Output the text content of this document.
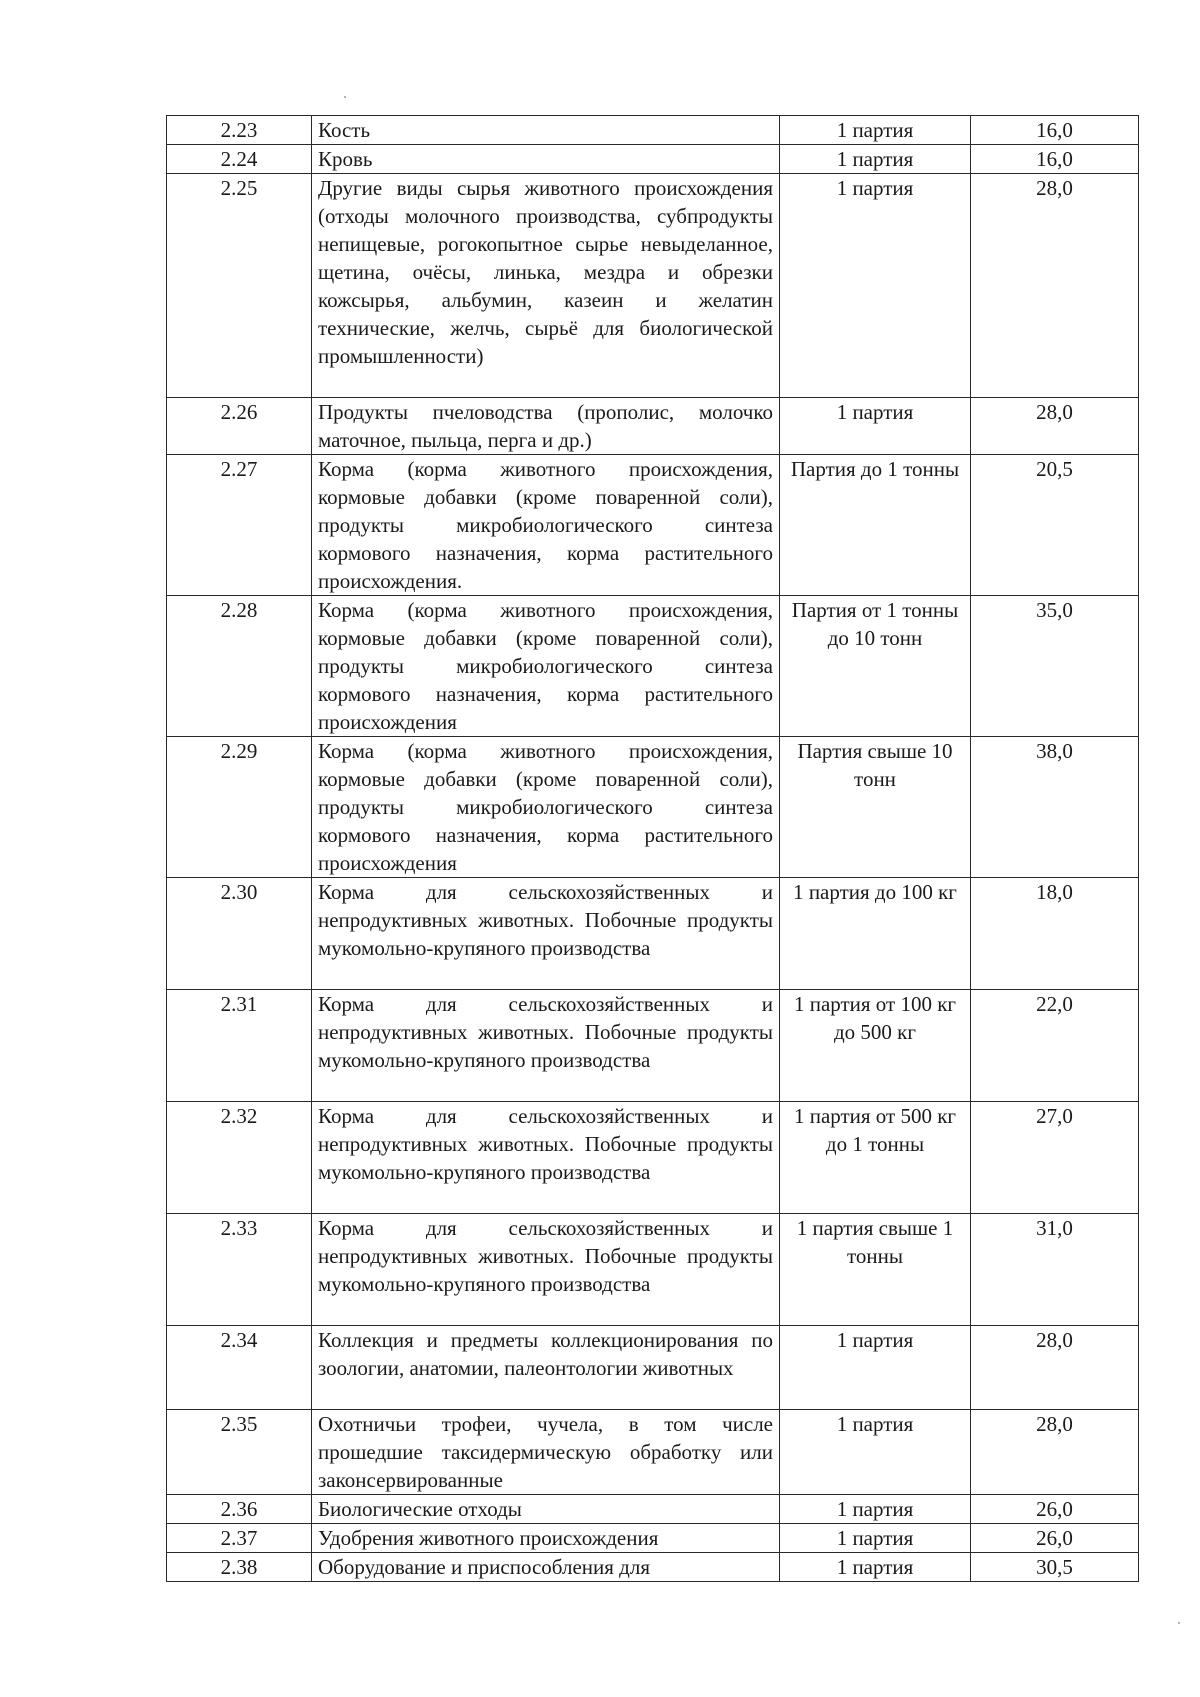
2.23	Кость	1 партия	16,0
2.24	Кровь	1 партия	16,0
2.25	Другие виды сырья животного происхождения (отходы молочного производства, субпродукты непищевые, рогокопытное сырье невыделанное, щетина, очёсы, линька, мездра и обрезки кожсырья, альбумин, казеин и желатин технические, желчь, сырьё для биологической промышленности)	1 партия	28,0
2.26	Продукты пчеловодства (прополис, молочко маточное, пыльца, перга и др.)	1 партия	28,0
2.27	Корма (корма животного происхождения, кормовые добавки (кроме поваренной соли), продукты микробиологического синтеза кормового назначения, корма растительного происхождения.	Партия до 1 тонны	20,5
2.28	Корма (корма животного происхождения, кормовые добавки (кроме поваренной соли), продукты микробиологического синтеза кормового назначения, корма растительного происхождения	Партия от 1 тонны до 10 тонн	35,0
2.29	Корма (корма животного происхождения, кормовые добавки (кроме поваренной соли), продукты микробиологического синтеза кормового назначения, корма растительного происхождения	Партия свыше 10 тонн	38,0
2.30	Корма для сельскохозяйственных и непродуктивных животных. Побочные продукты мукомольно-крупяного производства	1 партия до 100 кг	18,0
2.31	Корма для сельскохозяйственных и непродуктивных животных. Побочные продукты мукомольно-крупяного производства	1 партия от 100 кг до 500 кг	22,0
2.32	Корма для сельскохозяйственных и непродуктивных животных. Побочные продукты мукомольно-крупяного производства	1 партия от 500 кг до 1 тонны	27,0
2.33	Корма для сельскохозяйственных и непродуктивных животных. Побочные продукты мукомольно-крупяного производства	1 партия свыше 1 тонны	31,0
2.34	Коллекция и предметы коллекционирования по зоологии, анатомии, палеонтологии животных	1 партия	28,0
2.35	Охотничьи трофеи, чучела, в том числе прошедшие таксидермическую обработку или законсервированные	1 партия	28,0
2.36	Биологические отходы	1 партия	26,0
2.37	Удобрения животного происхождения	1 партия	26,0
2.38	Оборудование и приспособления для	1 партия	30,5
